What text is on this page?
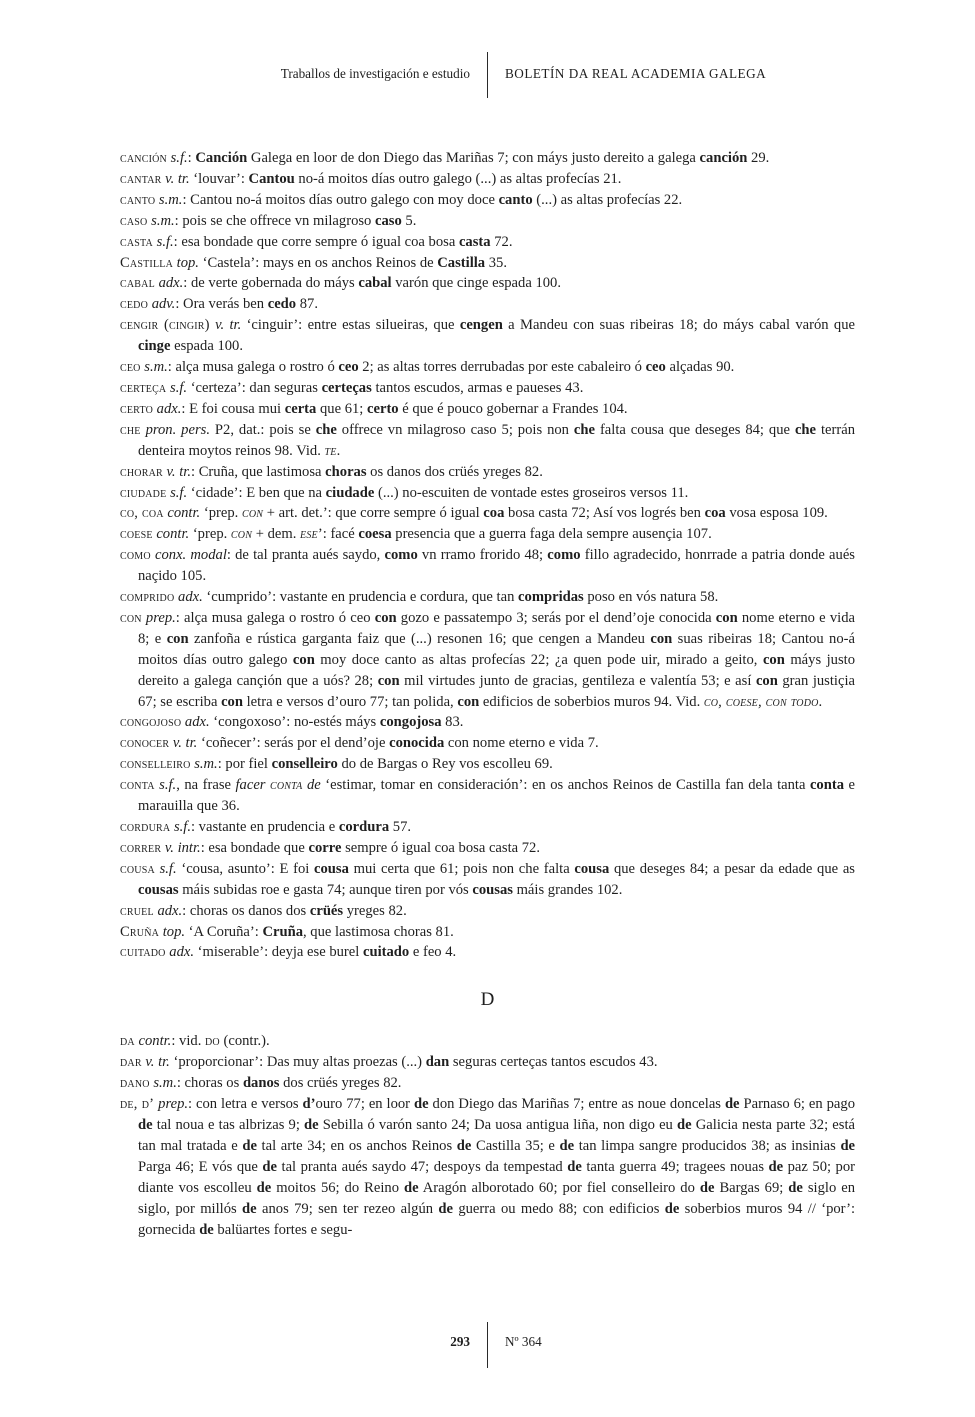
Traballos de investigación e estudio	BOLETÍN DA REAL ACADEMIA GALEGA

canción s.f.: Canción Galega en loor de don Diego das Mariñas 7; con máys justo dereito a galega canción 29.

cantar v. tr. ‘louvar’: Cantou no-á moitos días outro galego (...) as altas profecías 21.

canto s.m.: Cantou no-á moitos días outro galego con moy doce canto (...) as altas profecías 22.

caso s.m.: pois se che offrece vn milagroso caso 5.

casta s.f.: esa bondade que corre sempre ó igual coa bosa casta 72.

Castilla top. ‘Castela’: mays en os anchos Reinos de Castilla 35.

cabal adx.: de verte gobernada do máys cabal varón que cinge espada 100.

cedo adv.: Ora verás ben cedo 87.

cengir (cingir) v. tr. ‘cinguir’: entre estas silueiras, que cengen a Mandeu con suas ribeiras 18; do máys cabal varón que cinge espada 100.

ceo s.m.: alça musa galega o rostro ó ceo 2; as altas torres derrubadas por este cabaleiro ó ceo alçadas 90.

certeça s.f. ‘certeza’: dan seguras certeças tantos escudos, armas e paueses 43.

certo adx.: E foi cousa mui certa que 61; certo é que é pouco gobernar a Frandes 104.

che pron. pers. P2, dat.: pois se che offrece vn milagroso caso 5; pois non che falta cousa que deseges 84; que che terrán denteira moytos reinos 98. Vid. te.

chorar v. tr.: Cruña, que lastimosa choras os danos dos crüés yreges 82.

ciudade s.f. ‘cidade’: E ben que na ciudade (...) no-escuiten de vontade estes groseiros versos 11.

co, coa contr. ‘prep. con + art. det.’: que corre sempre ó igual coa bosa casta 72; Así vos logrés ben coa vosa esposa 109.

coese contr. ‘prep. con + dem. ese’: facé coesa presencia que a guerra faga dela sempre ausençia 107.

como conx. modal: de tal pranta aués saydo, como vn rramo frorido 48; como fillo agradecido, honrrade a patria donde aués naçido 105.

comprido adx. ‘cumprido’: vastante en prudencia e cordura, que tan compridas poso en vós natura 58.

con prep.: alça musa galega o rostro ó ceo con gozo e passatempo 3; serás por el dend’oje conocida con nome eterno e vida 8; e con zanfoña e rústica garganta faiz que (...) resonen 16; que cengen a Mandeu con suas ribeiras 18; Cantou no-á moitos días outro galego con moy doce canto as altas profecías 22; ¿a quen pode uir, mirado a geito, con máys justo dereito a galega cançión que a uós? 28; con mil virtudes junto de gracias, gentileza e valentía 53; e así con gran justiçia 67; se escriba con letra e versos d’ouro 77; tan polida, con edificios de soberbios muros 94. Vid. co, coese, con todo.

congojoso adx. ‘congoxoso’: no-estés máys congojosa 83.

conocer v. tr. ‘coñecer’: serás por el dend’oje conocida con nome eterno e vida 7.

conselleiro s.m.: por fiel conselleiro do de Bargas o Rey vos escolleu 69.

conta s.f., na frase facer conta de ‘estimar, tomar en consideración’: en os anchos Reinos de Castilla fan dela tanta conta e marauilla que 36.

cordura s.f.: vastante en prudencia e cordura 57.

correr v. intr.: esa bondade que corre sempre ó igual coa bosa casta 72.

cousa s.f. ‘cousa, asunto’: E foi cousa mui certa que 61; pois non che falta cousa que deseges 84; a pesar da edade que as cousas máis subidas roe e gasta 74; aunque tiren por vós cousas máis grandes 102.

cruel adx.: choras os danos dos crüés yreges 82.

Cruña top. ‘A Coruña’: Cruña, que lastimosa choras 81.

cuitado adx. ‘miserable’: deyja ese burel cuitado e feo 4.

D

da contr.: vid. do (contr.).

dar v. tr. ‘proporcionar’: Das muy altas proezas (...) dan seguras certeças tantos escudos 43.

dano s.m.: choras os danos dos crüés yreges 82.

de, d’ prep.: con letra e versos d’ouro 77; en loor de don Diego das Mariñas 7; entre as noue doncelas de Parnaso 6; en pago de tal noua e tas albrizas 9; de Sebilla ó varón santo 24; Da uosa antigua liña, non digo eu de Galicia nesta parte 32; está tan mal tratada e de tal arte 34; en os anchos Reinos de Castilla 35; e de tan limpa sangre producidos 38; as insinias de Parga 46; E vós que de tal pranta aués saydo 47; despoys da tempestad de tanta guerra 49; tragees nouas de paz 50; por diante vos escolleu de moitos 56; do Reino de Aragón alborotado 60; por fiel conselleiro do de Bargas 69; de siglo en siglo, por millós de anos 79; sen ter rezeo algún de guerra ou medo 88; con edificios de soberbios muros 94 // ‘por’: gornecida de balüartes fortes e segu-

293	Nº 364
